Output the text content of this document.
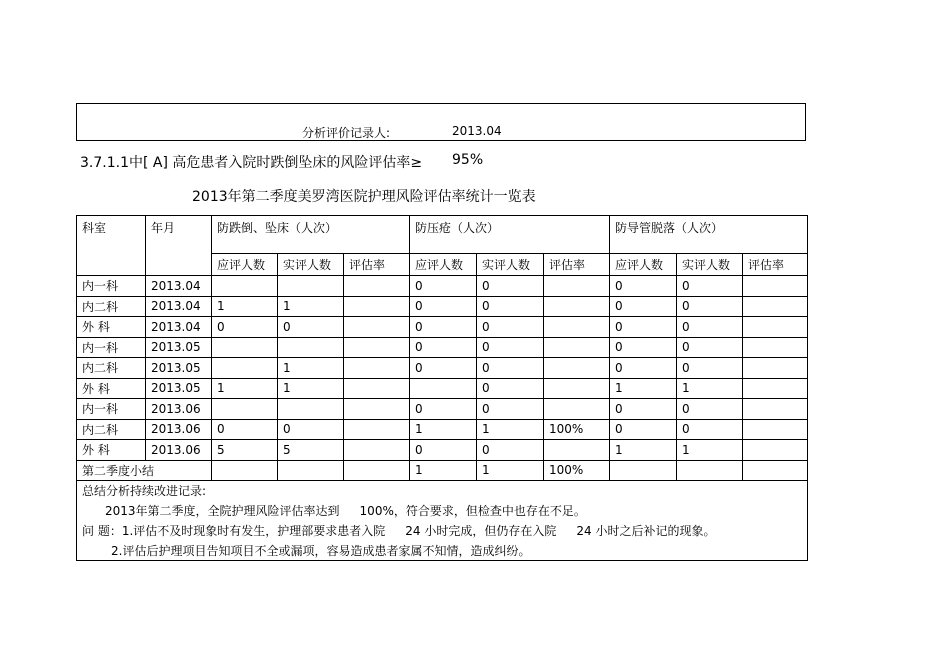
分析评价记录人:	2013.04
3.7.1.1中[ A] 高危患者入院时跌倒坠床的风险评估率≥ 95%
2013年第二季度美罗湾医院护理风险评估率统计一览表
科室	年月	防跌倒、坠床（人次）			防压疮（人次）			防导管脱落（人次）		
		应评人数	实评人数	评估率	应评人数	实评人数	评估率	应评人数	实评人数	评估率
内一科	2013.04				0	0		0	0	
内二科	2013.04	1	1		0	0		0	0	
外 科	2013.04	0	0		0	0		0	0	
内一科	2013.05				0	0		0	0	
内二科	2013.05		1		0	0		0	0	
外 科	2013.05	1	1			0		1	1	
内一科	2013.06				0	0		0	0	
内二科	2013.06	0	0		1	1	100%	0	0	
外 科	2013.06	5	5		0	0		1	1	
第二季度小结					1	1	100%			
总结分析持续改进记录:										
2013年第二季度，全院护理风险评估率达到 100%，符合要求，但检查中也存在不足。										
问 题：1.评估不及时现象时有发生，护理部要求患者入院 24 小时完成，但仍存在入院 24 小时之后补记的现象。										
2.评估后护理项目告知项目不全或漏项，容易造成患者家属不知情，造成纠纷。										
